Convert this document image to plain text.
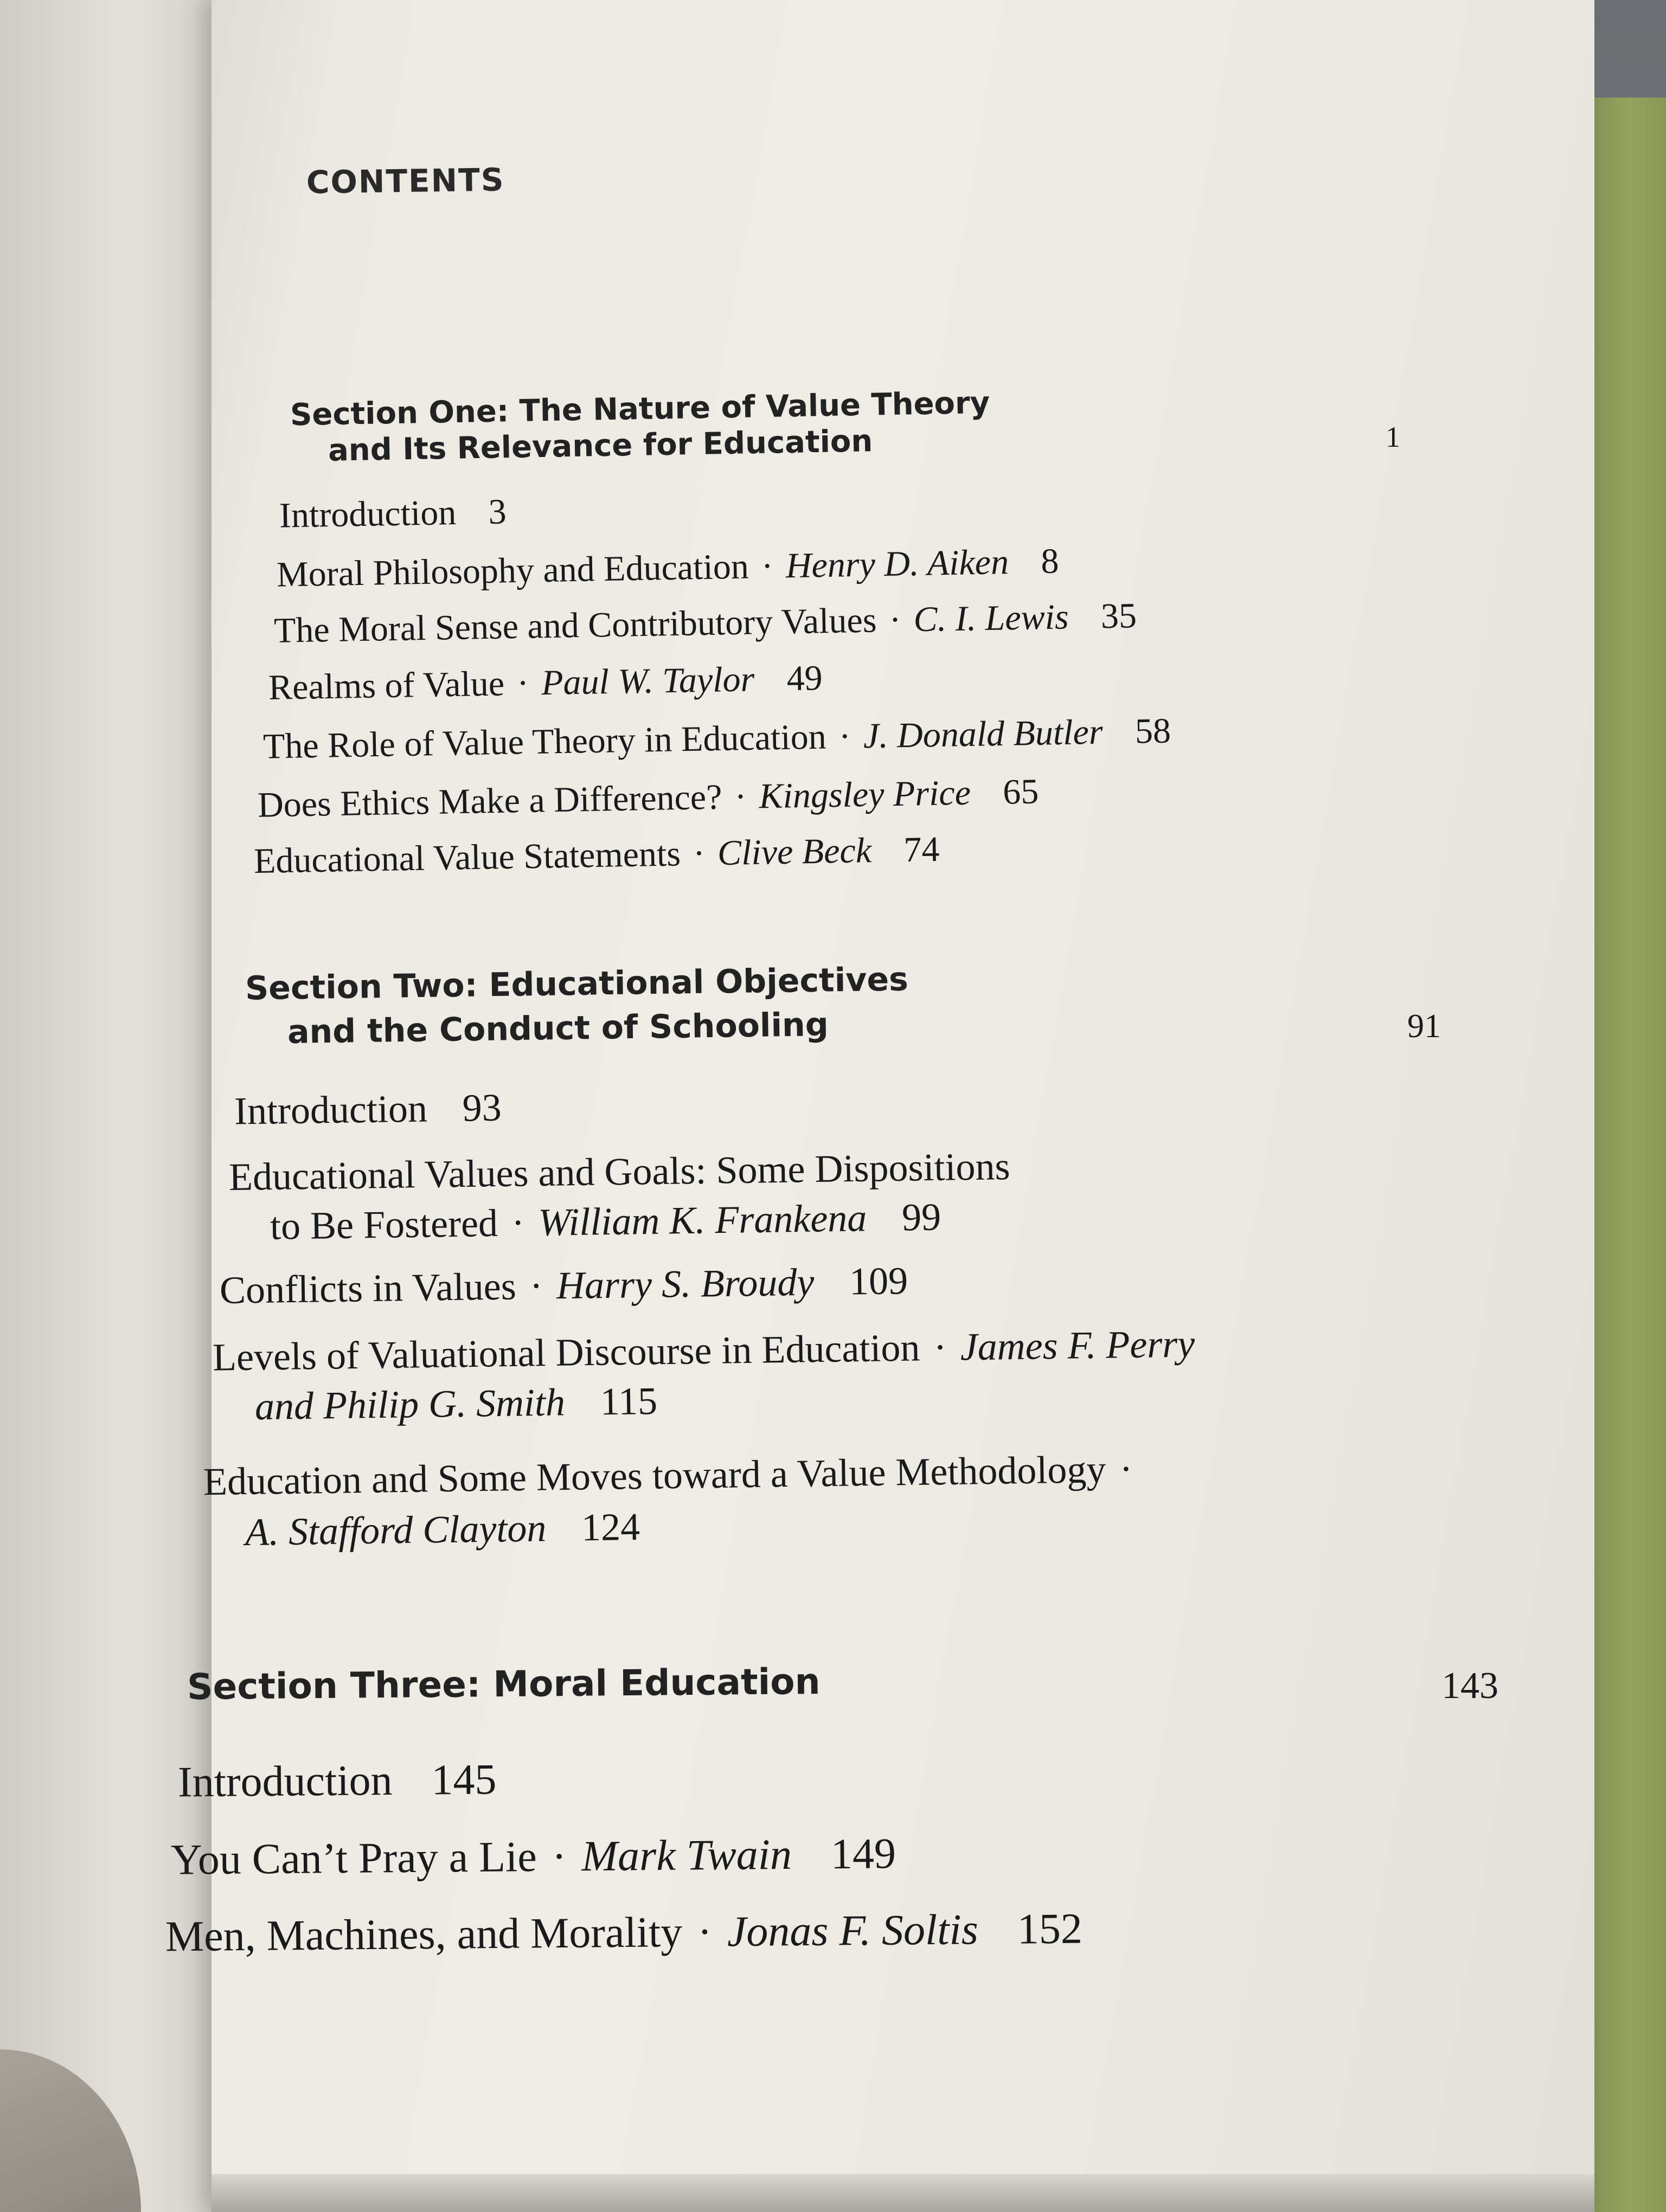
CONTENTS
Section One: The Nature of Value Theory
and Its Relevance for Education	1
Introduction 3
Moral Philosophy and Education · Henry D. Aiken 8
The Moral Sense and Contributory Values · C. I. Lewis 35
Realms of Value · Paul W. Taylor 49
The Role of Value Theory in Education · J. Donald Butler 58
Does Ethics Make a Difference? · Kingsley Price 65
Educational Value Statements · Clive Beck 74
Section Two: Educational Objectives
and the Conduct of Schooling	91
Introduction 93
Educational Values and Goals: Some Dispositions
to Be Fostered · William K. Frankena 99
Conflicts in Values · Harry S. Broudy 109
Levels of Valuational Discourse in Education · James F. Perry
and Philip G. Smith 115
Education and Some Moves toward a Value Methodology ·
A. Stafford Clayton 124
Section Three: Moral Education	143
Introduction 145
You Can’t Pray a Lie · Mark Twain 149
Men, Machines, and Morality · Jonas F. Soltis 152
